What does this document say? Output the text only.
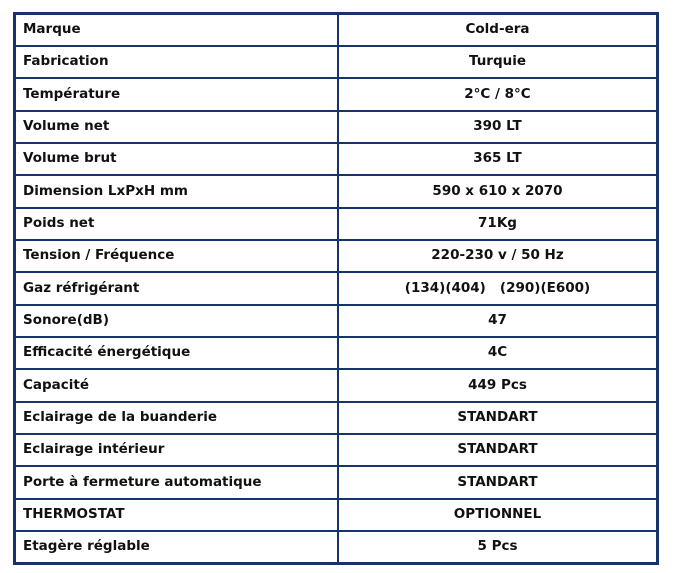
Marque	Cold-era
Fabrication	Turquie
Température	2°C / 8°C
Volume net	390 LT
Volume brut	365 LT
Dimension LxPxH mm	590 x 610 x 2070
Poids net	71Kg
Tension / Fréquence	220-230 v / 50 Hz
Gaz réfrigérant	(134)(404)   (290)(E600)
Sonore(dB)	47
Efficacité énergétique	4C
Capacité	449 Pcs
Eclairage de la buanderie	STANDART
Eclairage intérieur	STANDART
Porte à fermeture automatique	STANDART
THERMOSTAT	OPTIONNEL
Etagère réglable	5 Pcs
